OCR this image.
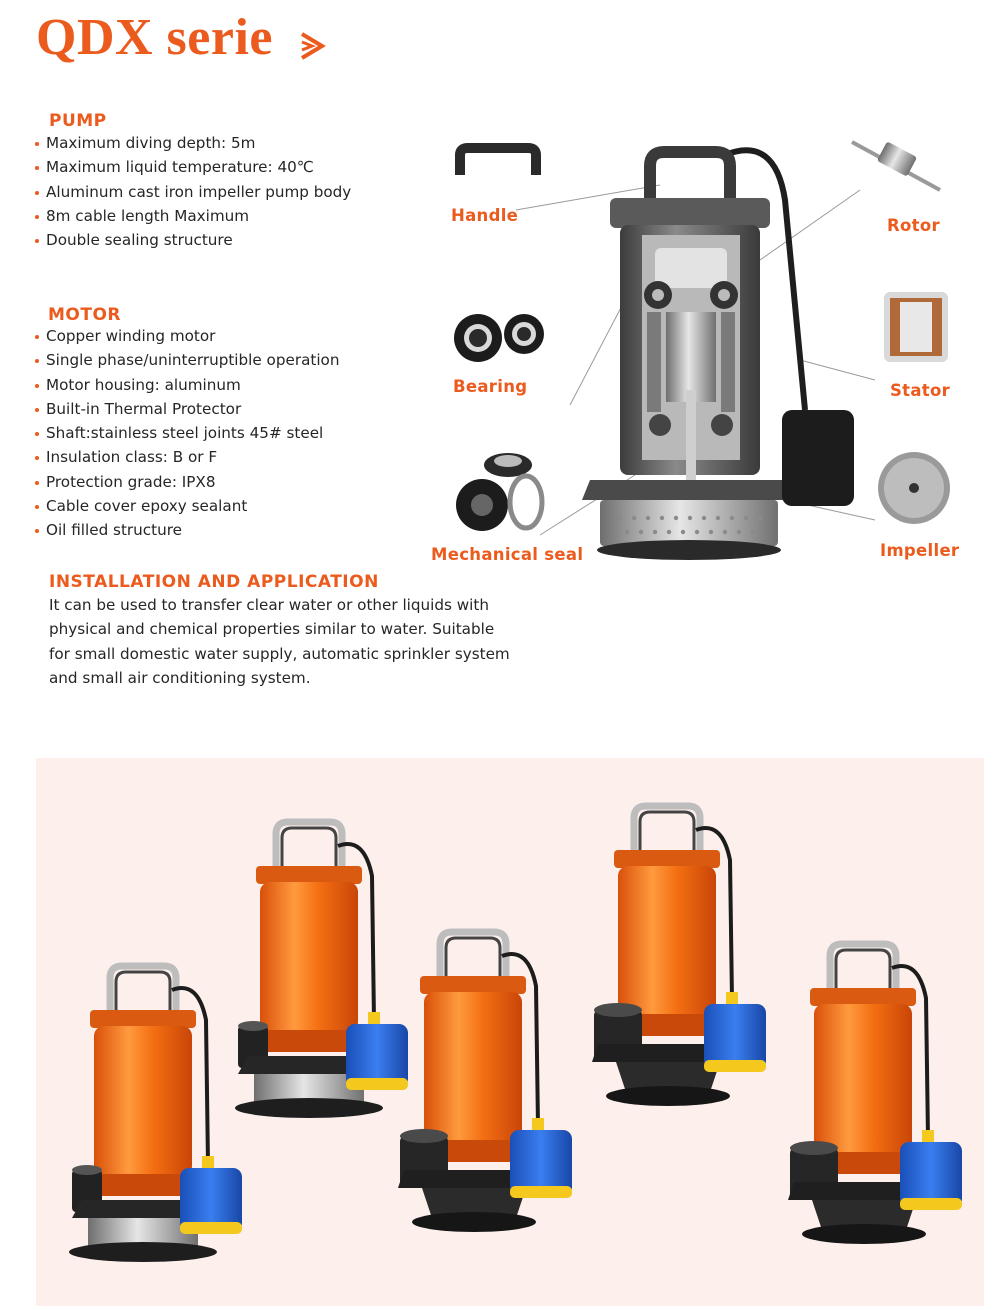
QDX serie
PUMP
Maximum diving depth: 5m
Maximum liquid temperature: 40℃
Aluminum cast iron impeller pump body
8m cable length Maximum
Double sealing structure
MOTOR
Copper winding motor
Single phase/uninterruptible operation
Motor housing: aluminum
Built-in Thermal Protector
Shaft:stainless steel joints 45# steel
Insulation class: B or F
Protection grade: IPX8
Cable cover epoxy sealant
Oil filled structure
INSTALLATION AND APPLICATION

It can be used to transfer clear water or other liquids with
physical and chemical properties similar to water. Suitable
for small domestic water supply, automatic sprinkler system
and small air conditioning system.

Handle

Rotor

Bearing	Stator

Mechanical seal	Impeller
